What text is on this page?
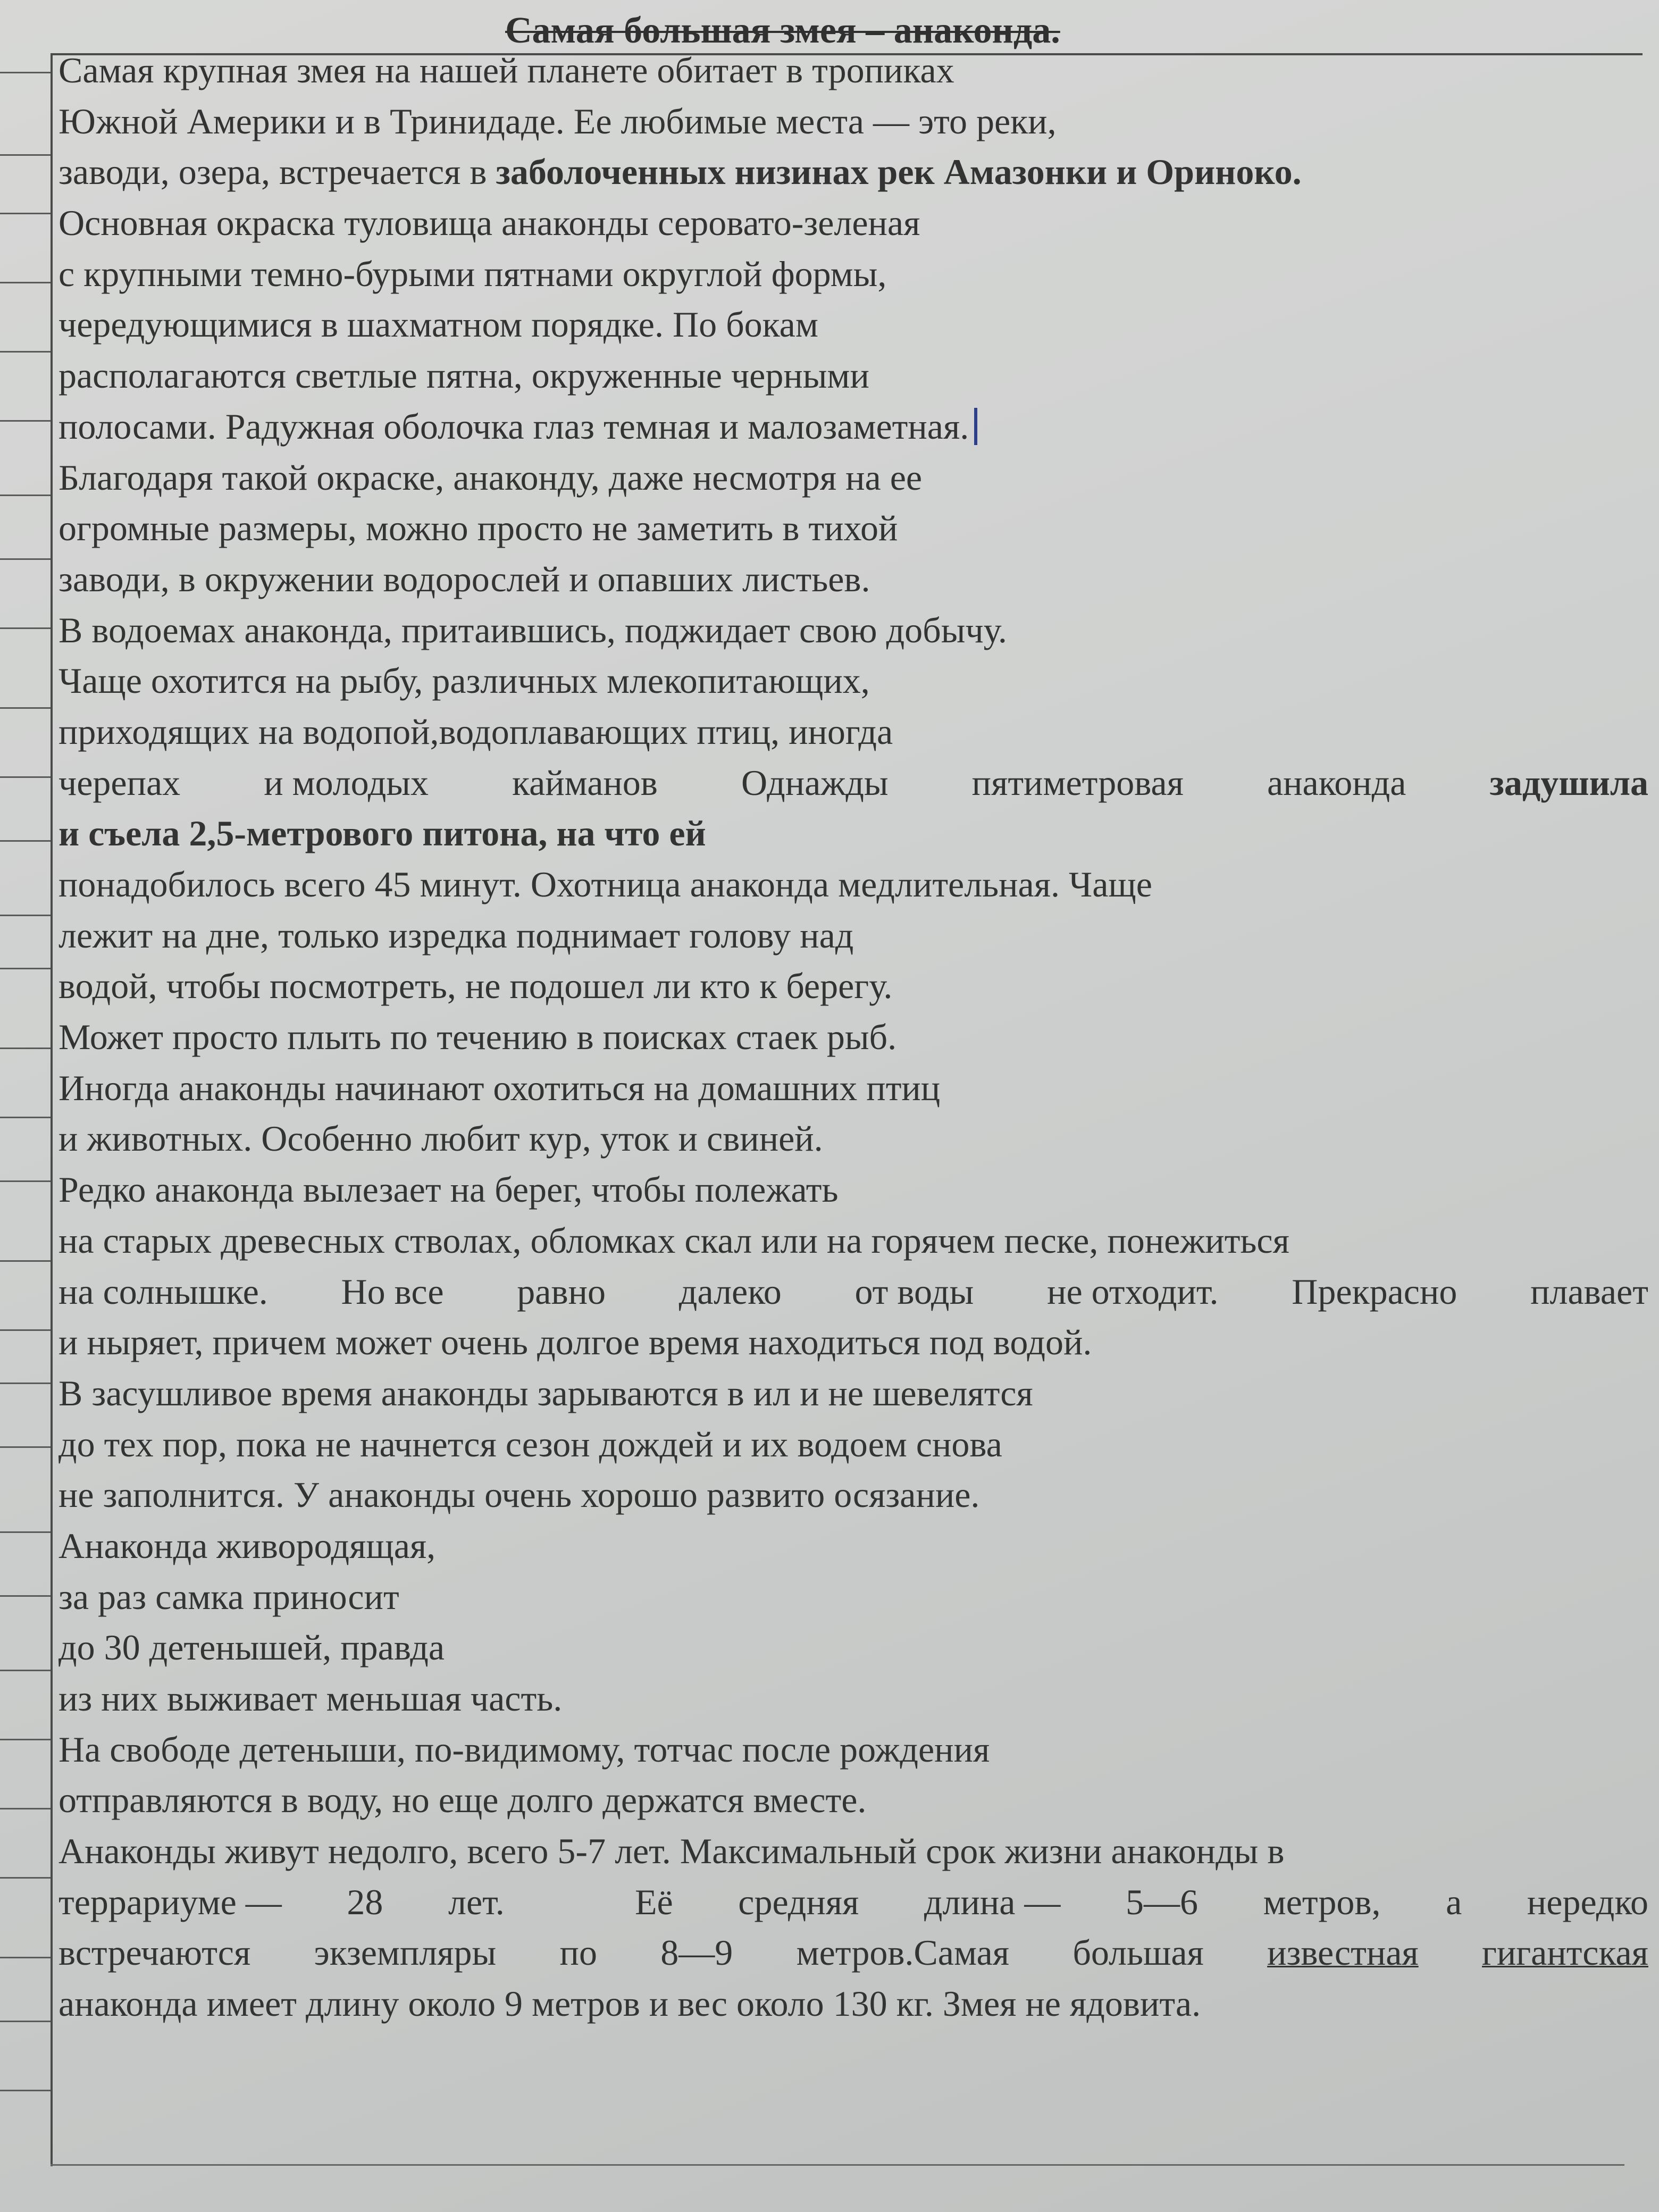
Самая большая змея – анаконда.
Самая крупная змея на нашей планете обитает в тропиках
Южной Америки и в Тринидаде. Ее любимые места — это реки,
заводи, озера, встречается в заболоченных низинах рек Амазонки и Ориноко.
Основная окраска туловища анаконды серовато-зеленая
с крупными темно-бурыми пятнами округлой формы,
чередующимися в шахматном порядке. По бокам
располагаются светлые пятна, окруженные черными
полосами. Радужная оболочка глаз темная и малозаметная.
Благодаря такой окраске, анаконду, даже несмотря на ее
огромные размеры, можно просто не заметить в тихой
заводи, в окружении водорослей и опавших листьев.
В водоемах анаконда, притаившись, поджидает свою добычу.
Чаще охотится на рыбу, различных млекопитающих,
приходящих на водопой,водоплавающих птиц, иногда
черепах и молодых кайманов Однажды пятиметровая анаконда задушила
и съела 2,5-метрового питона, на что ей
понадобилось всего 45 минут. Охотница анаконда медлительная. Чаще
лежит на дне, только изредка поднимает голову над
водой, чтобы посмотреть, не подошел ли кто к берегу.
Может просто плыть по течению в поисках стаек рыб.
Иногда анаконды начинают охотиться на домашних птиц
и животных. Особенно любит кур, уток и свиней.
Редко анаконда вылезает на берег, чтобы полежать
на старых древесных стволах, обломках скал или на горячем песке, понежиться
на солнышке. Но все равно далеко от воды не отходит. Прекрасно плавает
и ныряет, причем может очень долгое время находиться под водой.
В засушливое время анаконды зарываются в ил и не шевелятся
до тех пор, пока не начнется сезон дождей и их водоем снова
не заполнится. У анаконды очень хорошо развито осязание.
Анаконда живородящая,
за раз самка приносит
до 30 детенышей, правда
из них выживает меньшая часть.
На свободе детеныши, по-видимому, тотчас после рождения
отправляются в воду, но еще долго держатся вместе.
Анаконды живут недолго, всего 5-7 лет. Максимальный срок жизни анаконды в
террариуме — 28 лет.	Её средняя длина — 5—6 метров, а нередко
встречаются экземпляры по 8—9 метров.Самая большая известная гигантская
анаконда имеет длину около 9 метров и вес около 130 кг. Змея не ядовита.
